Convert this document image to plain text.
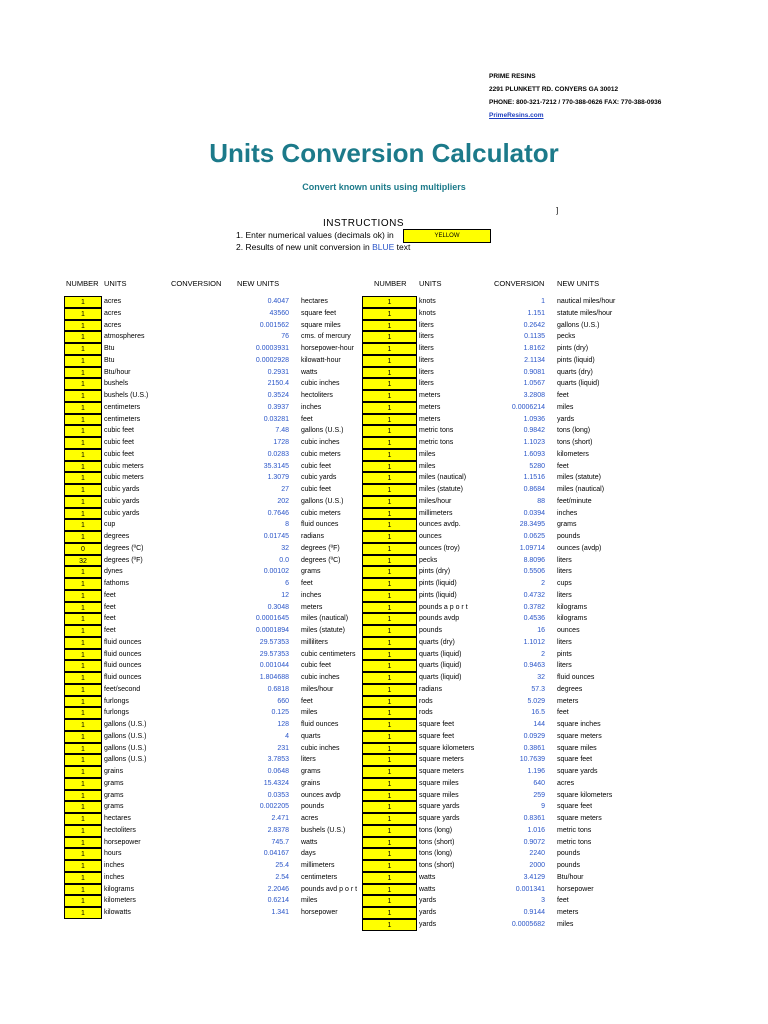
PRIME RESINS
2291 PLUNKETT RD. CONYERS GA 30012
PHONE: 800-321-7212 / 770-388-0626 FAX: 770-388-0936
PrimeResins.com
Units Conversion Calculator
Convert known units using multipliers
]
INSTRUCTIONS
1. Enter numerical values (decimals ok) in	YELLOW
2. Results of new unit conversion in BLUE text
NUMBER UNITS	CONVERSION NEW UNITS	NUMBER UNITS	CONVERSION NEW UNITS
1	acres	0.4047 hectares
1	acres	43560 square feet
1	acres	0.001562 square miles
1	atmospheres	76 cms. of mercury
1	Btu	0.0003931 horsepower-hour
1	Btu	0.0002928 kilowatt-hour
1	Btu/hour	0.2931 watts
1	bushels	2150.4 cubic inches
1	bushels (U.S.)	0.3524 hectoliters
1	centimeters	0.3937 inches
1	centimeters	0.03281 feet
1	cubic feet	7.48 gallons (U.S.)
1	cubic feet	1728 cubic inches
1	cubic feet	0.0283 cubic meters
1	cubic meters	35.3145 cubic feet
1	cubic meters	1.3079 cubic yards
1	cubic yards	27 cubic feet
1	cubic yards	202 gallons (U.S.)
1	cubic yards	0.7646 cubic meters
1	cup	8 fluid ounces
1	degrees	0.01745 radians
0	degrees (ºC)	32 degrees (ºF)
32	degrees (ºF)	0.0 degrees (ºC)
1	dynes	0.00102 grams
1	fathoms	6 feet
1	feet	12 inches
1	feet	0.3048 meters
1	feet	0.0001645 miles (nautical)
1	feet	0.0001894 miles (statute)
1	fluid ounces	29.57353 milliliters
1	fluid ounces	29.57353 cubic centimeters
1	fluid ounces	0.001044 cubic feet
1	fluid ounces	1.804688 cubic inches
1	feet/second	0.6818 miles/hour
1	furlongs	660 feet
1	furlongs	0.125 miles
1	gallons (U.S.)	128 fluid ounces
1	gallons (U.S.)	4 quarts
1	gallons (U.S.)	231 cubic inches
1	gallons (U.S.)	3.7853 liters
1	grains	0.0648 grams
1	grams	15.4324 grains
1	grams	0.0353 ounces avdp
1	grams	0.002205 pounds
1	hectares	2.471 acres
1	hectoliters	2.8378 bushels (U.S.)
1	horsepower	745.7 watts
1	hours	0.04167 days
1	inches	25.4 millimeters
1	inches	2.54 centimeters
1	kilograms	2.2046 pounds avd p o r t
1	kilometers	0.6214 miles
1	kilowatts	1.341 horsepower
1	knots	1 nautical miles/hour
1	knots	1.151 statute miles/hour
1	liters	0.2642 gallons (U.S.)
1	liters	0.1135 pecks
1	liters	1.8162 pints (dry)
1	liters	2.1134 pints (liquid)
1	liters	0.9081 quarts (dry)
1	liters	1.0567 quarts (liquid)
1	meters	3.2808 feet
1	meters	0.0006214 miles
1	meters	1.0936 yards
1	metric tons	0.9842 tons (long)
1	metric tons	1.1023 tons (short)
1	miles	1.6093 kilometers
1	miles	5280 feet
1	miles (nautical)	1.1516 miles (statute)
1	miles (statute)	0.8684 miles (nautical)
1	miles/hour	88 feet/minute
1	millimeters	0.0394 inches
1	ounces avdp.	28.3495 grams
1	ounces	0.0625 pounds
1	ounces (troy)	1.09714 ounces (avdp)
1	pecks	8.8096 liters
1	pints (dry)	0.5506 liters
1	pints (liquid)	2 cups
1	pints (liquid)	0.4732 liters
1	pounds a p o r t	0.3782 kilograms
1	pounds avdp	0.4536 kilograms
1	pounds	16 ounces
1	quarts (dry)	1.1012 liters
1	quarts (liquid)	2 pints
1	quarts (liquid)	0.9463 liters
1	quarts (liquid)	32 fluid ounces
1	radians	57.3 degrees
1	rods	5.029 meters
1	rods	16.5 feet
1	square feet	144 square inches
1	square feet	0.0929 square meters
1	square kilometers	0.3861 square miles
1	square meters	10.7639 square feet
1	square meters	1.196 square yards
1	square miles	640 acres
1	square miles	259 square kilometers
1	square yards	9 square feet
1	square yards	0.8361 square meters
1	tons (long)	1.016 metric tons
1	tons (short)	0.9072 metric tons
1	tons (long)	2240 pounds
1	tons (short)	2000 pounds
1	watts	3.4129 Btu/hour
1	watts	0.001341 horsepower
1	yards	3 feet
1	yards	0.9144 meters
1	yards	0.0005682 miles
